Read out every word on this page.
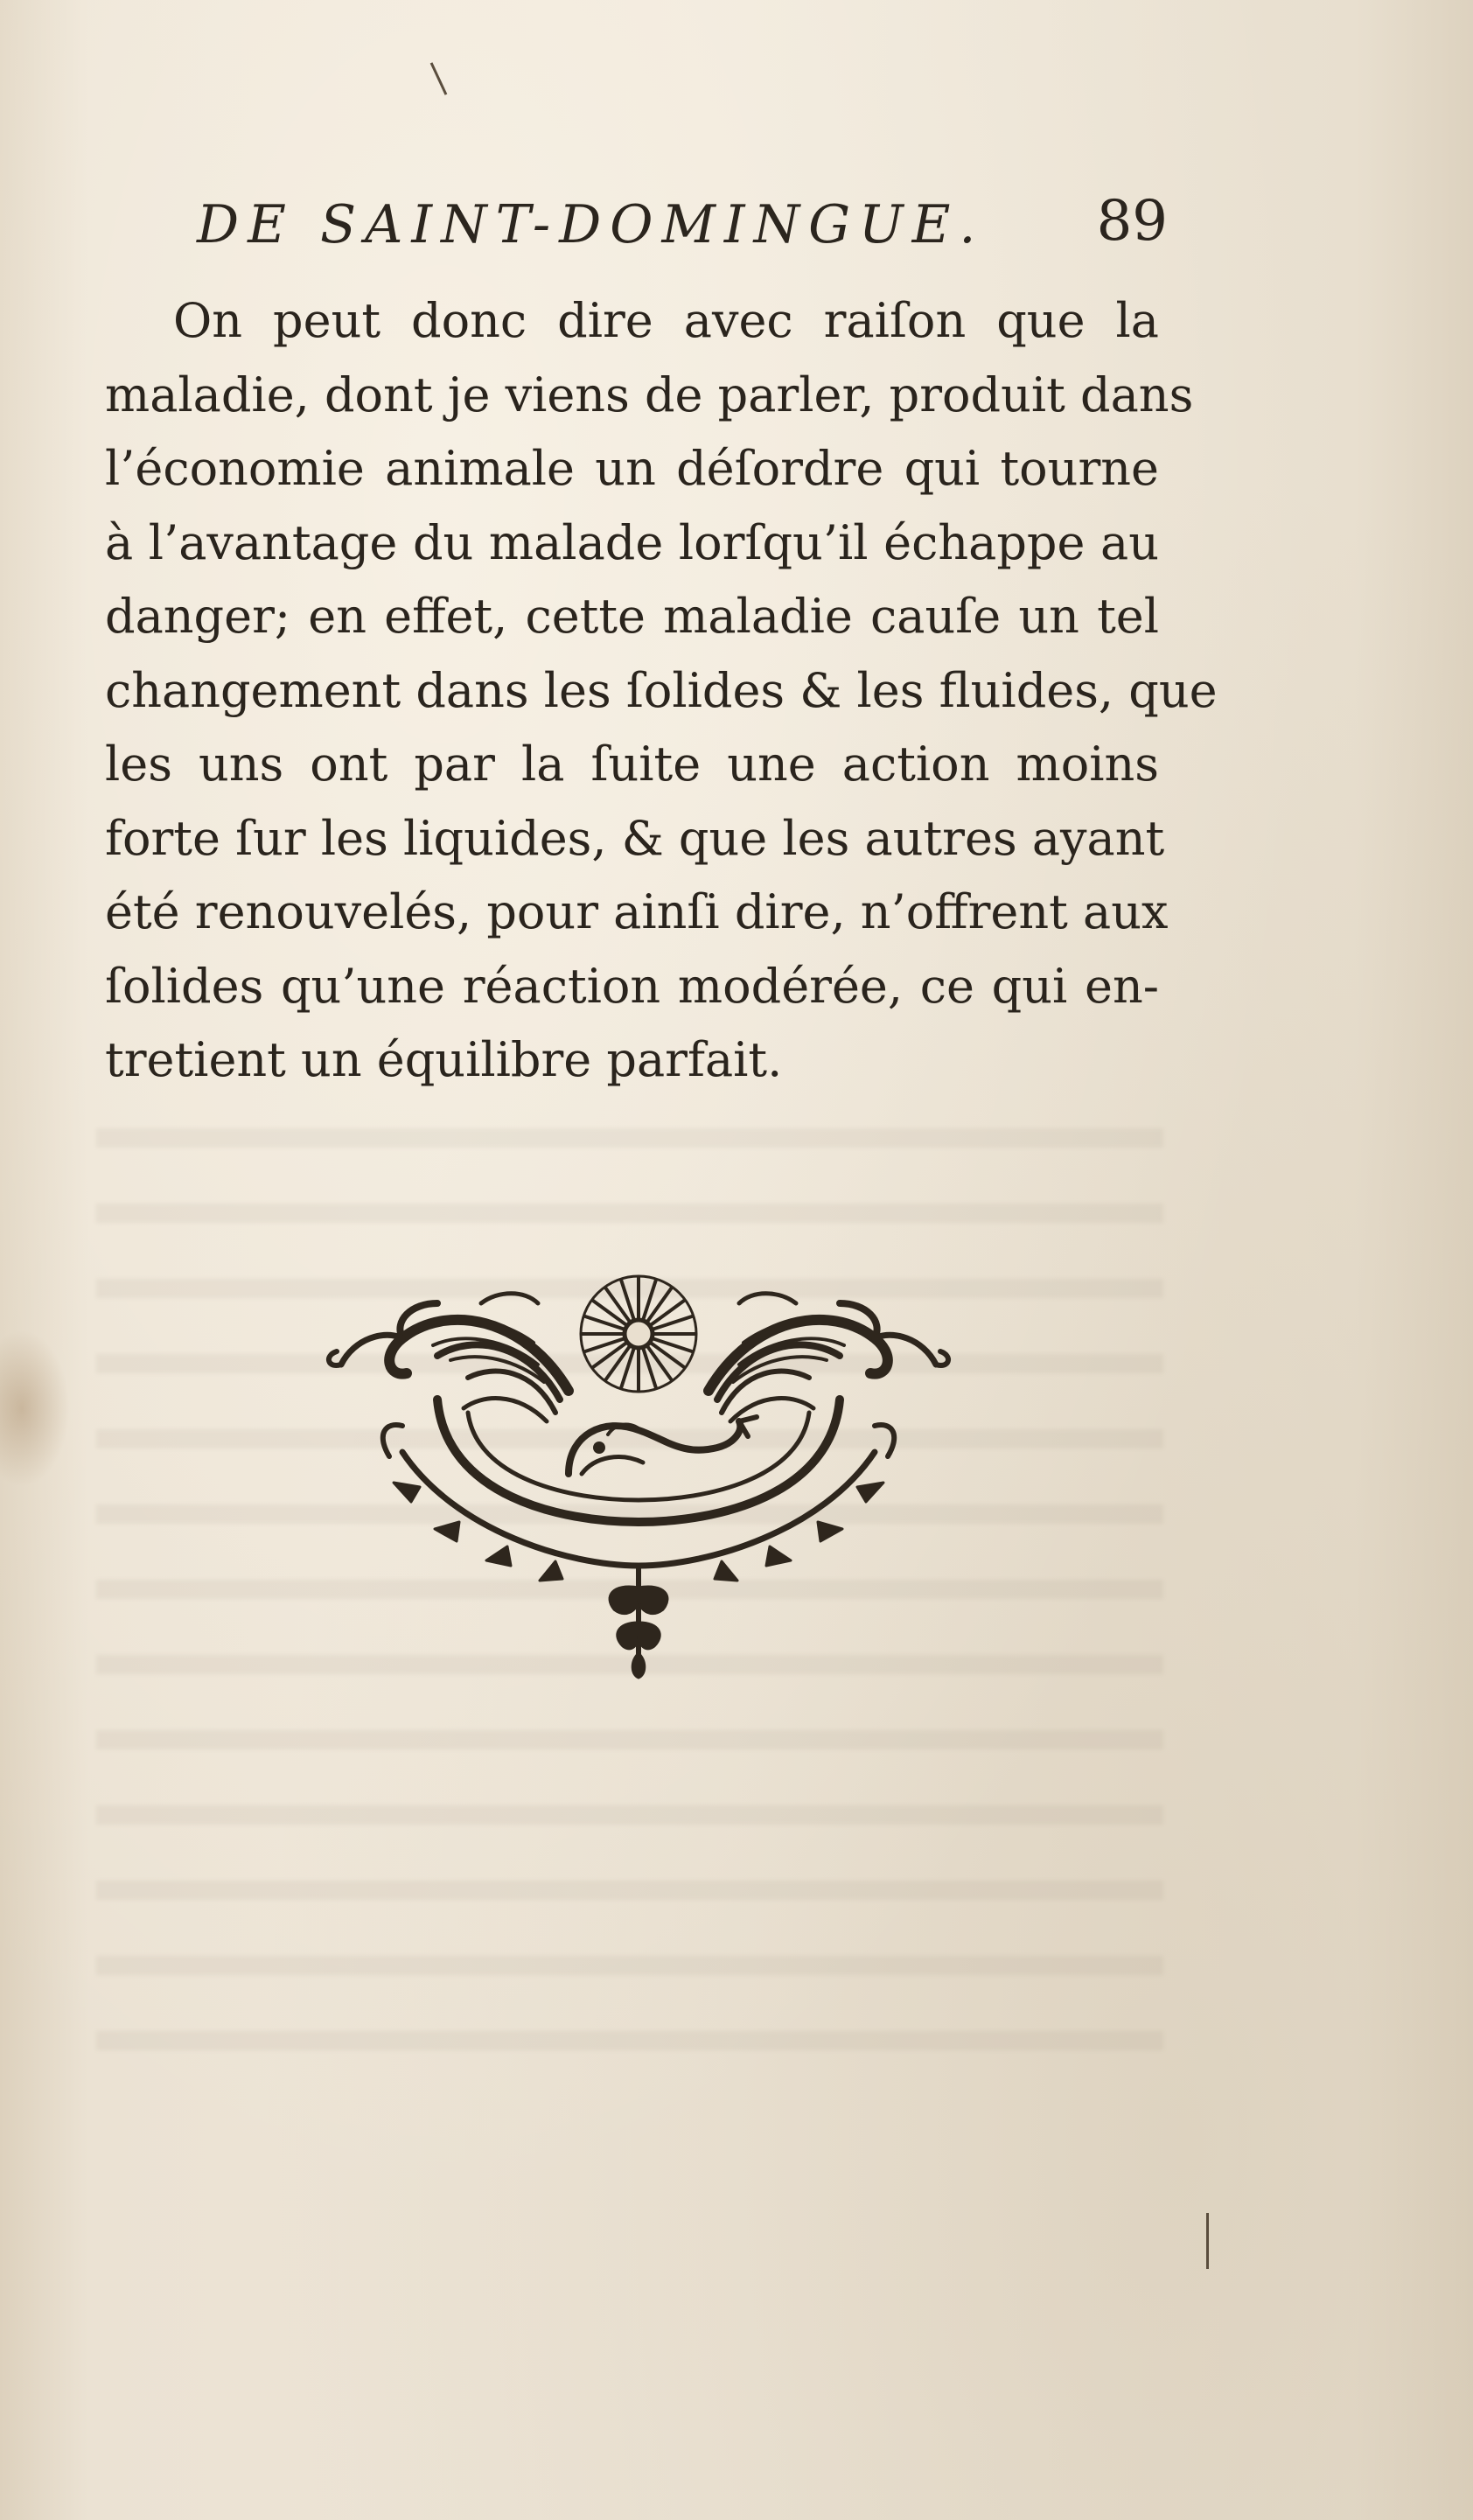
DE SAINT-DOMINGUE. 89
On peut donc dire avec raiſon que la
maladie, dont je viens de parler, produit dans
l’économie animale un déſordre qui tourne
à l’avantage du malade lorſqu’il échappe au
danger; en effet, cette maladie cauſe un tel
changement dans les ſolides & les fluides, que
les uns ont par la ſuite une action moins
forte ſur les liquides, & que les autres ayant
été renouvelés, pour ainſi dire, n’offrent aux
ſolides qu’une réaction modérée, ce qui en-
tretient un équilibre parfait.
